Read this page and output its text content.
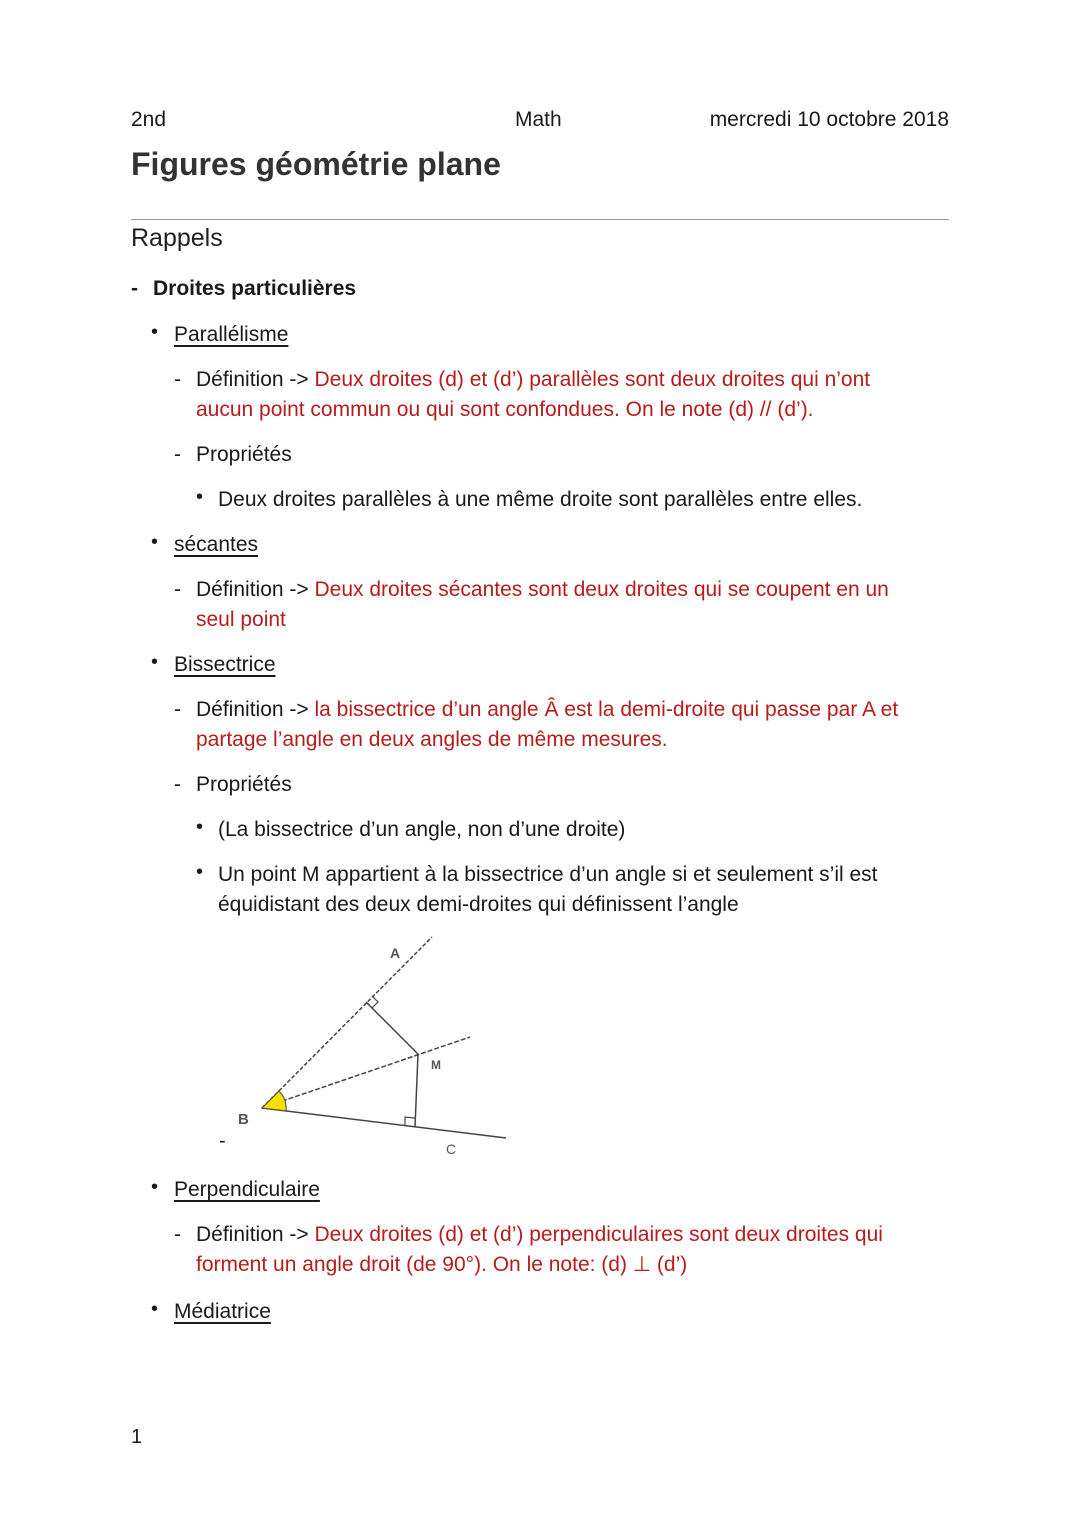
2nd	Math	mercredi 10 octobre 2018
Figures géométrie plane
Rappels
- Droites particulières
• Parallélisme
- Définition -> Deux droites (d) et (d’) parallèles sont deux droites qui n’ont
aucun point commun ou qui sont confondues. On le note (d) // (d’).
- Propriétés
• Deux droites parallèles à une même droite sont parallèles entre elles.
• sécantes
- Définition -> Deux droites sécantes sont deux droites qui se coupent en un
seul point
• Bissectrice
- Définition -> la bissectrice d’un angle Â est la demi-droite qui passe par A et
partage l’angle en deux angles de même mesures.
- Propriétés
• (La bissectrice d’un angle, non d’une droite)
• Un point M appartient à la bissectrice d’un angle si et seulement s’il est
équidistant des deux demi-droites qui définissent l’angle
A
B
C
M
-
• Perpendiculaire
- Définition -> Deux droites (d) et (d’) perpendiculaires sont deux droites qui
forment un angle droit (de 90°). On le note: (d) ⊥ (d’)
• Médiatrice
1
